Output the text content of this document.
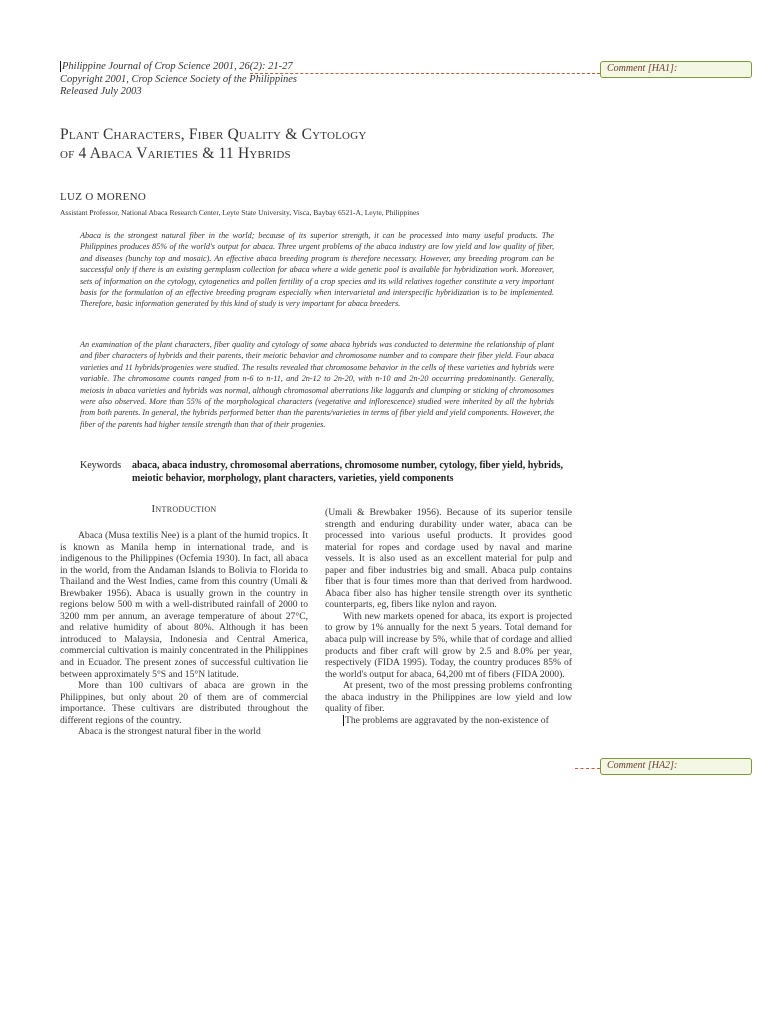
Philippine Journal of Crop Science 2001, 26(2): 21-27
Copyright 2001, Crop Science Society of the Philippines
Released July 2003
Comment [HA1]:
Plant Characters, Fiber Quality & Cytology
of 4 Abaca Varieties & 11 Hybrids
LUZ O MORENO
Assistant Professor, National Abaca Research Center, Leyte State University, Visca, Baybay 6521-A, Leyte, Philippines
Abaca is the strongest natural fiber in the world; because of its superior strength, it can be processed into many useful products. The Philippines produces 85% of the world's output for abaca. Three urgent problems of the abaca industry are low yield and low quality of fiber, and diseases (bunchy top and mosaic). An effective abaca breeding program is therefore necessary. However, any breeding program can be successful only if there is an existing germplasm collection for abaca where a wide genetic pool is available for hybridization work. Moreover, sets of information on the cytology, cytogenetics and pollen fertility of a crop species and its wild relatives together constitute a very important basis for the formulation of an effective breeding program especially when intervarietal and interspecific hybridization is to be implemented. Therefore, basic information generated by this kind of study is very important for abaca breeders.
An examination of the plant characters, fiber quality and cytology of some abaca hybrids was conducted to determine the relationship of plant and fiber characters of hybrids and their parents, their meiotic behavior and chromosome number and to compare their fiber yield. Four abaca varieties and 11 hybrids/progenies were studied. The results revealed that chromosome behavior in the cells of these varieties and hybrids were variable. The chromosome counts ranged from n-6 to n-11, and 2n-12 to 2n-20, with n-10 and 2n-20 occurring predominantly. Generally, meiosis in abaca varieties and hybrids was normal, although chromosomal aberrations like laggards and clumping or sticking of chromosomes were also observed. More than 55% of the morphological characters (vegetative and inflorescence) studied were inherited by all the hybrids from both parents. In general, the hybrids performed better than the parents/varieties in terms of fiber yield and yield components. However, the fiber of the parents had higher tensile strength than that of their progenies.
Keywords abaca, abaca industry, chromosomal aberrations, chromosome number, cytology, fiber yield, hybrids, meiotic behavior, morphology, plant characters, varieties, yield components
Introduction

Abaca (Musa textilis Nee) is a plant of the humid tropics. It is known as Manila hemp in international trade, and is indigenous to the Philippines (Ocfemia 1930). In fact, all abaca in the world, from the Andaman Islands to Bolivia to Florida to Thailand and the West Indies, came from this country (Umali & Brewbaker 1956). Abaca is usually grown in the country in regions below 500 m with a well-distributed rainfall of 2000 to 3200 mm per annum, an average temperature of about 27°C, and relative humidity of about 80%. Although it has been introduced to Malaysia, Indonesia and Central America, commercial cultivation is mainly concentrated in the Philippines and in Ecuador. The present zones of successful cultivation lie between approximately 5°S and 15°N latitude.

More than 100 cultivars of abaca are grown in the Philippines, but only about 20 of them are of commercial importance. These cultivars are distributed throughout the different regions of the country.

Abaca is the strongest natural fiber in the world

(Umali & Brewbaker 1956). Because of its superior tensile strength and enduring durability under water, abaca can be processed into various useful products. It provides good material for ropes and cordage used by naval and marine vessels. It is also used as an excellent material for pulp and paper and fiber industries big and small. Abaca pulp contains fiber that is four times more than that derived from hardwood. Abaca fiber also has higher tensile strength over its synthetic counterparts, eg, fibers like nylon and rayon.

With new markets opened for abaca, its export is projected to grow by 1% annually for the next 5 years. Total demand for abaca pulp will increase by 5%, while that of cordage and allied products and fiber craft will grow by 2.5 and 8.0% per year, respectively (FIDA 1995). Today, the country produces 85% of the world's output for abaca, 64,200 mt of fibers (FIDA 2000).

At present, two of the most pressing problems confronting the abaca industry in the Philippines are low yield and low quality of fiber.

The problems are aggravated by the non-existence of

Comment [HA2]:
